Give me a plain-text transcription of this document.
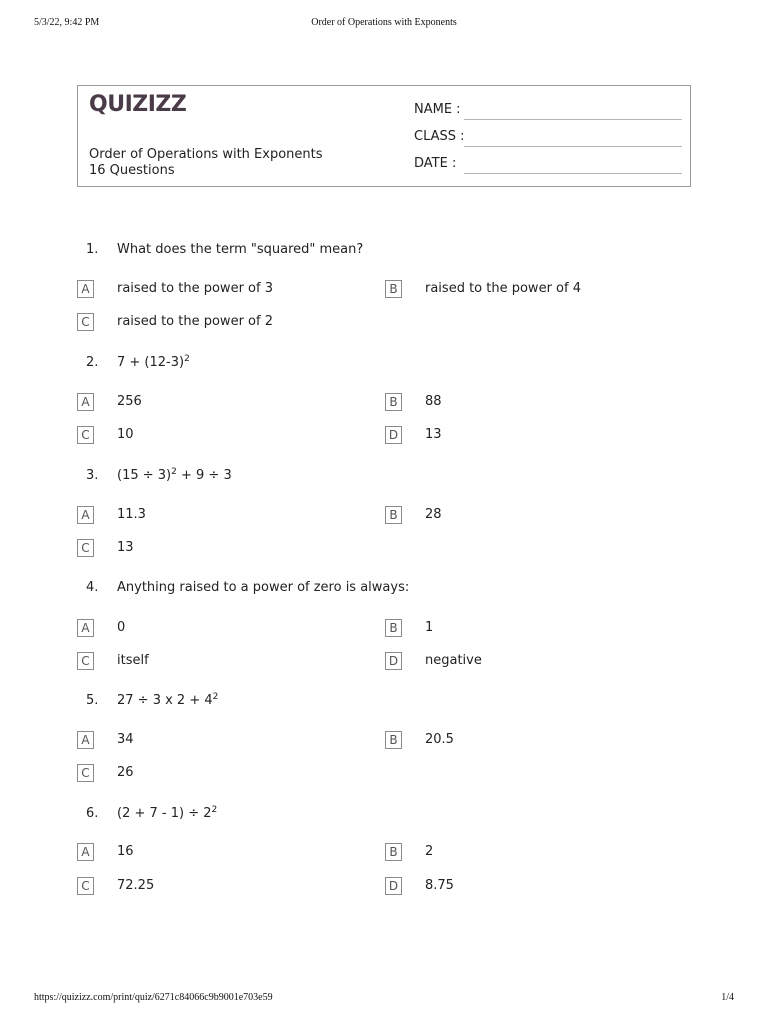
5/3/22, 9:42 PM	Order of Operations with Exponents
QUIZIZZ
Order of Operations with Exponents
16 Questions
NAME :
CLASS :
DATE :
1. What does the term "squared" mean?
A	raised to the power of 3	B	raised to the power of 4
C	raised to the power of 2
2. $7 + (12-3)^2$
A	256	B	88
C	10	D 13
3. $(15 \div 3)^2 + 9 \div 3$
A	11.3	B	28
C	13
4. Anything raised to a power of zero is always:
A	0	B	1
C	itself	D negative
5. 27 ÷ 3 x $2 + 4^2$
A	34	B	20.5
C	26
6. $(2 + 7 - 1) \div 2^2$
A	16	B	2
C	72.25	D 8.75
https://quizizz.com/print/quiz/6271c84066c9b9001e703e59	1/4
